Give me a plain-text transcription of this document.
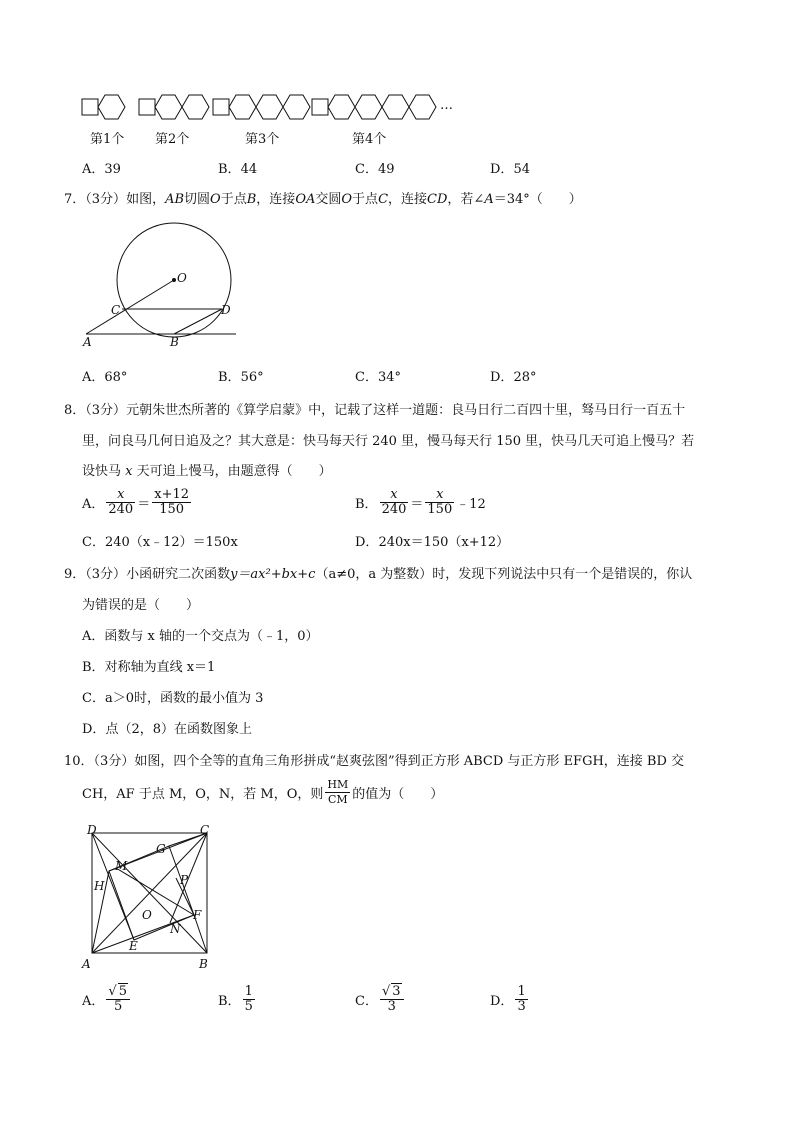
…
第1个 第2个	第3个	第4个
A．39	B．44	C．49	D．54
7．（3分）如图，AB切圆O于点B，连接OA交圆O于点C，连接CD，若∠A＝34°（　　）
O
C	D
A	B
A．68°	B．56°	C．34°	D．28°
8．（3分）元朝朱世杰所著的《算学启蒙》中，记载了这样一道题：良马日行二百四十里，驽马日行一百五十
里，问良马几何日追及之？其大意是：快马每天行 240 里，慢马每天行 150 里，快马几天可追上慢马？若
设快马 x 天可追上慢马，由题意得（　　）
A． $\frac{x}{240} = \frac{x+12}{150}$	B． $\frac{x}{240} = \frac{x}{150}$ ﹣12
C．240（x﹣12）＝150x	D．240x＝150（x+12）
9．（3分）小函研究二次函数y＝ax²+bx+c（a≠0，a 为整数）时，发现下列说法中只有一个是错误的，你认
为错误的是（　　）
A．函数与 x 轴的一个交点为（﹣1，0）
B．对称轴为直线 x＝1
C．a＞0时，函数的最小值为 3
D．点（2，8）在函数图象上
10．（3分）如图，四个全等的直角三角形拼成“赵爽弦图”得到正方形 ABCD 与正方形 EFGH，连接 BD 交
CH，AF 于点 M，O，N，若 M，O，则 $\frac{HM}{CM}$ 的值为（　　）
D	C
G
M
P
H
O	F
N
E
A	B
A． $\frac{√ 5}{5}$	B． $\frac{1}{5}$	C． $\frac{√ 3}{3}$	D． $\frac{1}{3}$
